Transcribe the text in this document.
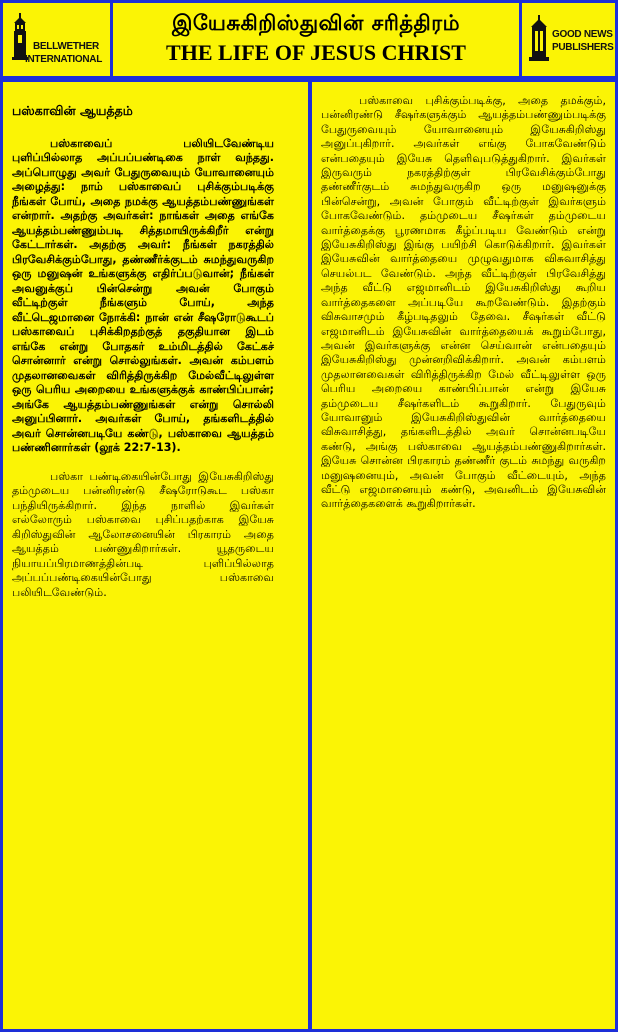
BELLWETHER
INTERNATIONAL
இயேசுகிறிஸ்துவின் சரித்திரம்
THE LIFE OF JESUS CHRIST
GOOD NEWS
PUBLISHERS
பஸ்காவின் ஆயத்தம்

பஸ்காவைப் பலியிடவேண்டிய புளிப்பில்லாத அப்பப்பண்டிகை நாள் வந்தது. அப்பொழுது அவர் பேதுருவையும் யோவானையும் அழைத்து: நாம் பஸ்காவைப் புசிக்கும்படிக்கு நீங்கள் போய், அதை நமக்கு ஆயத்தம்பண்ணுங்கள் என்றார். அதற்கு அவர்கள்: நாங்கள் அதை எங்கே ஆயத்தம்பண்ணும்படி சித்தமாயிருக்கிறீர் என்று கேட்டார்கள். அதற்கு அவர்: நீங்கள் நகரத்தில் பிரவேசிக்கும்போது, தண்ணீர்க்குடம் சுமந்துவருகிற ஒரு மனுஷன் உங்களுக்கு எதிர்ப்படுவான்; நீங்கள் அவனுக்குப் பின்சென்று அவன் போகும் வீட்டிற்குள் நீங்களும் போய், அந்த வீட்டெஜமானை நோக்கி: நான் என் சீஷரோடுகூடப் பஸ்காவைப் புசிக்கிறதற்குத் தகுதியான இடம் எங்கே என்று போதகர் உம்மிடத்தில் கேட்கச் சொன்னார் என்று சொல்லுங்கள். அவன் கம்பளம் முதலானவைகள் விரித்திருக்கிற மேல்வீட்டிலுள்ள ஒரு பெரிய அறையை உங்களுக்குக் காண்பிப்பான்; அங்கே ஆயத்தம்பண்ணுங்கள் என்று சொல்லி அனுப்பினார். அவர்கள் போய், தங்களிடத்தில் அவர் சொன்னபடியே கண்டு, பஸ்காவை ஆயத்தம் பண்ணினார்கள் (லூக் 22:7-13).

பஸ்கா பண்டிகையின்போது இயேசுகிறிஸ்து தம்முடைய பன்னிரண்டு சீஷரோடுகூட பஸ்கா பந்தியிருக்கிறார். இந்த நாளில் இவர்கள் எல்லோரும் பஸ்காவை புசிப்பதற்காக இயேசு கிறிஸ்துவின் ஆலோசனையின் பிரகாரம் அதை ஆயத்தம் பண்ணுகிறார்கள். யூதருடைய நியாயப்பிரமாணத்தின்படி புளிப்பில்லாத அப்பப்பண்டிகையின்போது பஸ்காவை பலியிடவேண்டும்.

பஸ்காவை புசிக்கும்படிக்கு, அதை தமக்கும், பன்னிரண்டு சீஷர்களுக்கும் ஆயத்தம்பண்ணும்படிக்கு பேதுருவையும் யோவானையும் இயேசுகிறிஸ்து அனுப்புகிறார். அவர்கள் எங்கு போகவேண்டும் என்பதையும் இயேசு தெளிவுபடுத்துகிறார். இவர்கள் இருவரும் நகரத்திற்குள் பிரவேசிக்கும்போது தண்ணீர்குடம் சுமந்துவருகிற ஒரு மனுஷனுக்கு பின்சென்று, அவன் போகும் வீட்டிற்குள் இவர்களும் போகவேண்டும். தம்முடைய சீஷர்கள் தம்முடைய வார்த்தைக்கு பூரணமாக கீழ்ப்படிய வேண்டும் என்று இயேசுகிறிஸ்து இங்கு பயிற்சி கொடுக்கிறார். இவர்கள் இயேசுவின் வார்த்தையை முழுவதுமாக விசுவாசித்து செயல்பட வேண்டும். அந்த வீட்டிற்குள் பிரவேசித்து அந்த வீட்டு எஜமானிடம் இயேசுகிறிஸ்து கூறிய வார்த்தைகளை அப்படியே கூறவேண்டும். இதற்கும் விசுவாசமும் கீழ்படிதலும் தேவை. சீஷர்கள் வீட்டு எஜமானிடம் இயேசுவின் வார்த்தையைக் கூறும்போது, அவன் இவர்களுக்கு என்ன செய்வான் என்பதையும் இயேசுகிறிஸ்து முன்னறிவிக்கிறார். அவன் கம்பளம் முதலானவைகள் விரித்திருக்கிற மேல் வீட்டிலுள்ள ஒரு பெரிய அறையை காண்பிப்பான் என்று இயேசு தம்முடைய சீஷர்களிடம் கூறுகிறார். பேதுருவும் யோவானும் இயேசுகிறிஸ்துவின் வார்த்தையை விசுவாசித்து, தங்களிடத்தில் அவர் சொன்னபடியே கண்டு, அங்கு பஸ்காவை ஆயத்தம்பண்ணுகிறார்கள். இயேசு சொன்ன பிரகாரம் தண்ணீர் குடம் சுமந்து வருகிற மனுஷனையும், அவன் போகும் வீட்டையும், அந்த வீட்டு எஜமானையும் கண்டு, அவனிடம் இயேசுவின் வார்த்தைகளைக் கூறுகிறார்கள்.
